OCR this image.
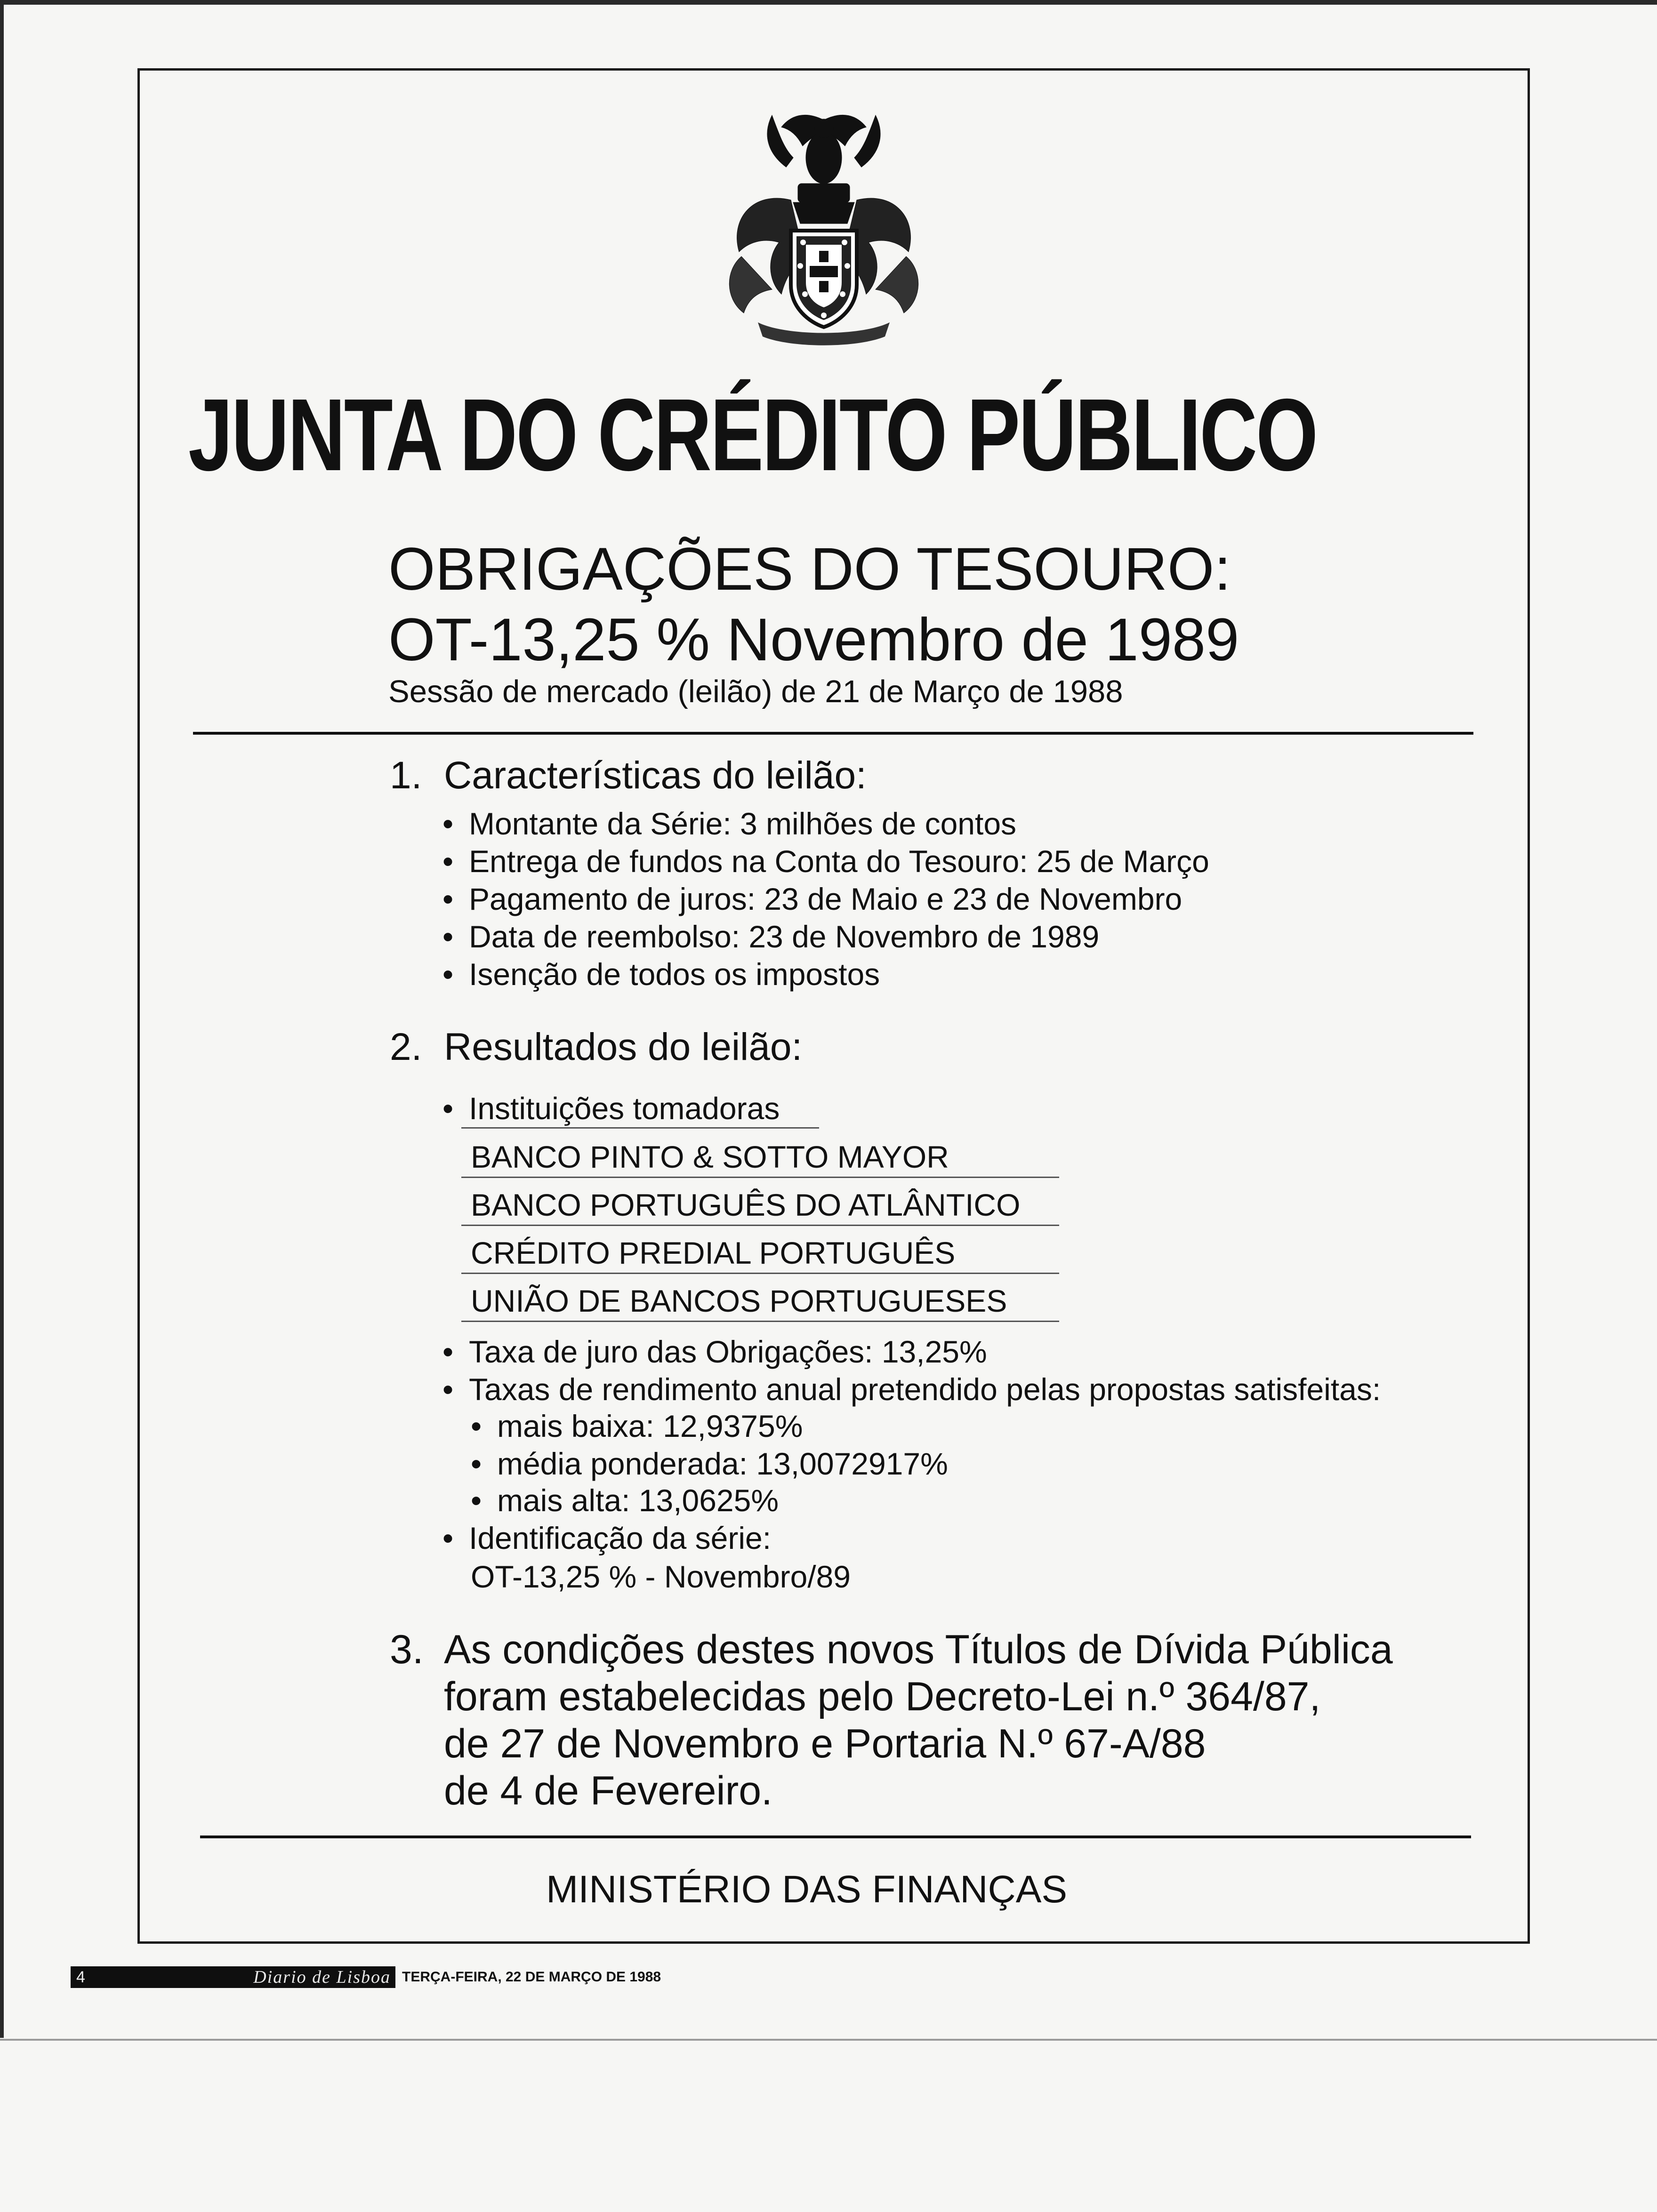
JUNTA DO CRÉDITO PÚBLICO
OBRIGAÇÕES DO TESOURO:
OT-13,25 % Novembro de 1989
Sessão de mercado (leilão) de 21 de Março de 1988
1. Características do leilão:
• Montante da Série: 3 milhões de contos
• Entrega de fundos na Conta do Tesouro: 25 de Março
• Pagamento de juros: 23 de Maio e 23 de Novembro
• Data de reembolso: 23 de Novembro de 1989
• Isenção de todos os impostos
2. Resultados do leilão:
• Instituições tomadoras
BANCO PINTO & SOTTO MAYOR
BANCO PORTUGUÊS DO ATLÂNTICO
CRÉDITO PREDIAL PORTUGUÊS
UNIÃO DE BANCOS PORTUGUESES
• Taxa de juro das Obrigações: 13,25%
• Taxas de rendimento anual pretendido pelas propostas satisfeitas:
• mais baixa: 12,9375%
• média ponderada: 13,0072917%
• mais alta: 13,0625%
• Identificação da série:
OT-13,25 % - Novembro/89
3. As condições destes novos Títulos de Dívida Pública
foram estabelecidas pelo Decreto-Lei n.º 364/87,
de 27 de Novembro e Portaria N.º 67-A/88
de 4 de Fevereiro.
MINISTÉRIO DAS FINANÇAS
4	Diario de Lisboa TERÇA-FEIRA, 22 DE MARÇO DE 1988
